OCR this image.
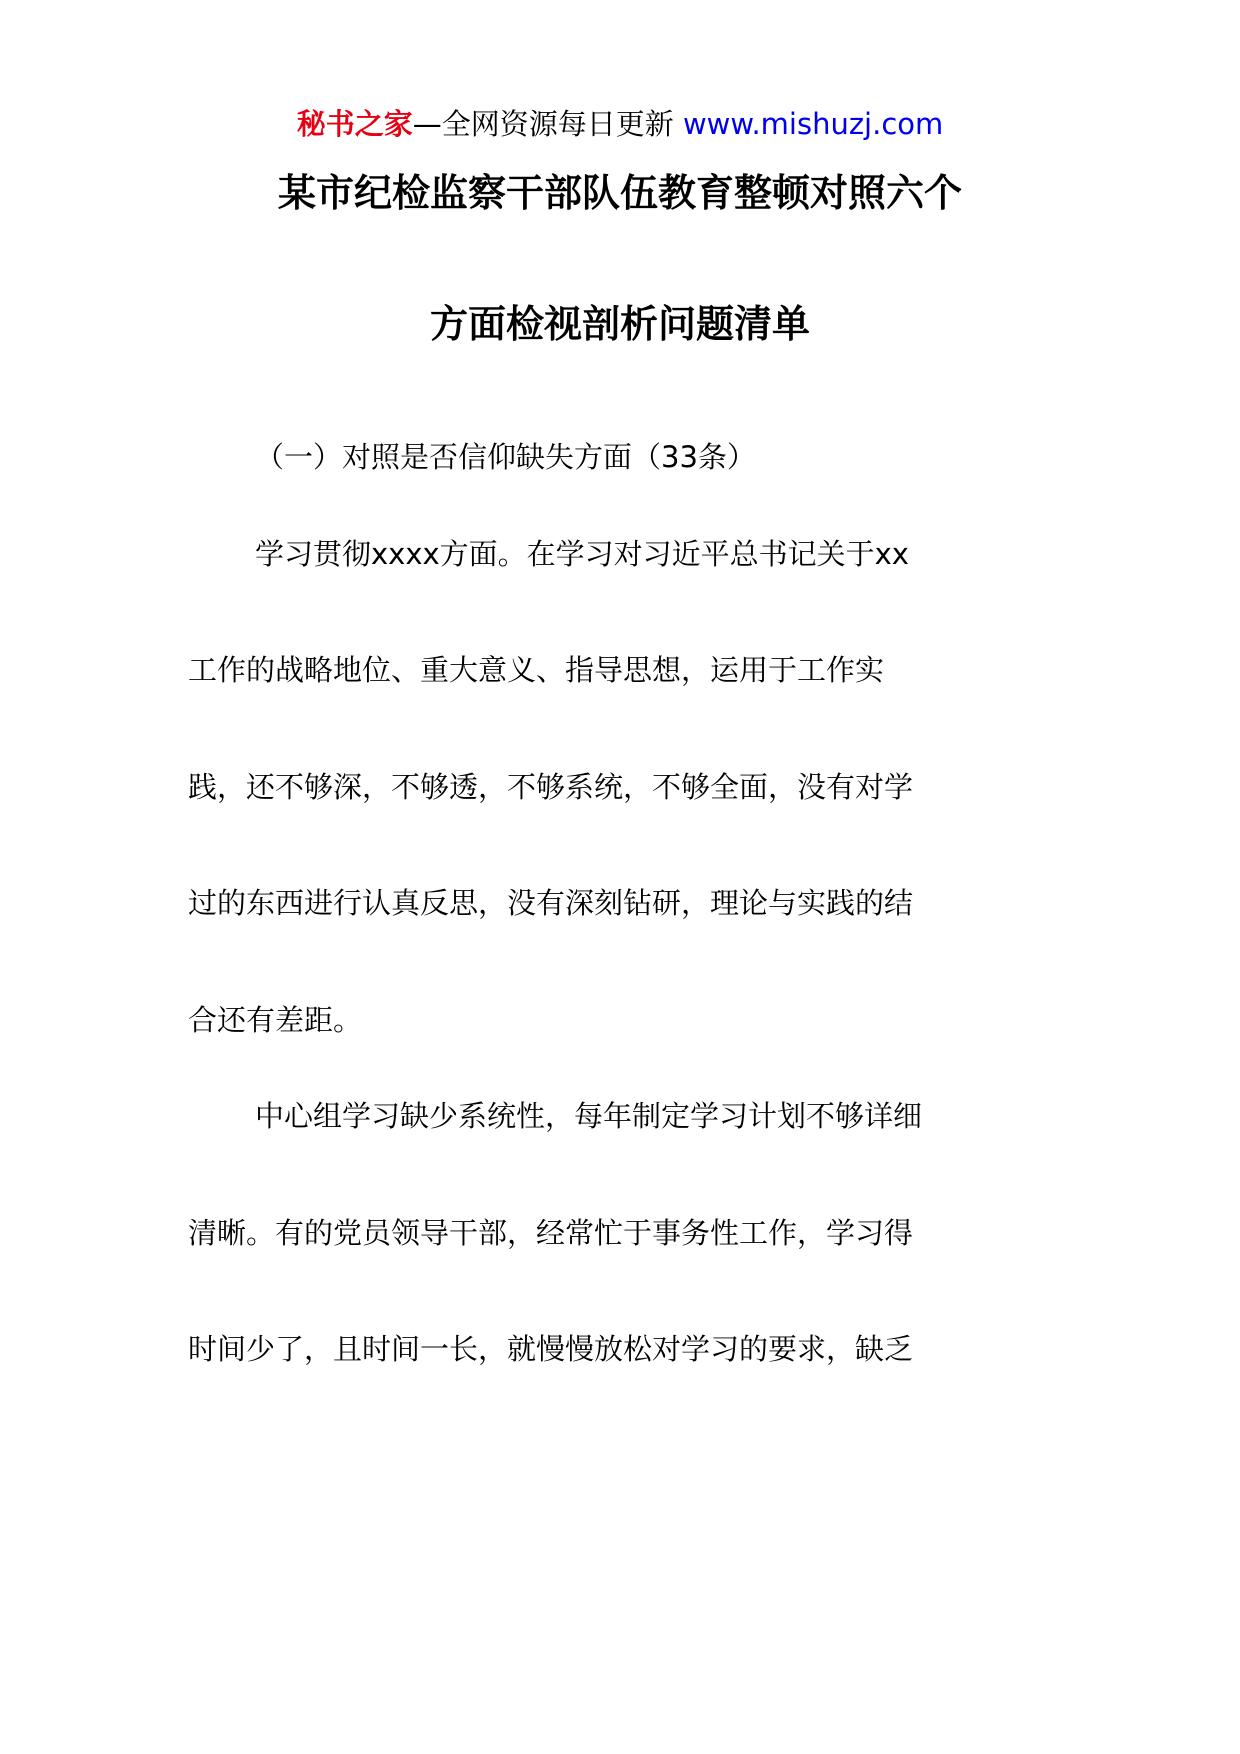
秘书之家—全网资源每日更新 www.mishuzj.com
某市纪检监察干部队伍教育整顿对照六个
方面检视剖析问题清单
（一）对照是否信仰缺失方面（33条）
学习贯彻xxxx方面。在学习对习近平总书记关于xx
工作的战略地位、重大意义、指导思想，运用于工作实
践，还不够深，不够透，不够系统，不够全面，没有对学
过的东西进行认真反思，没有深刻钻研，理论与实践的结
合还有差距。
中心组学习缺少系统性，每年制定学习计划不够详细
清晰。有的党员领导干部，经常忙于事务性工作，学习得
时间少了，且时间一长，就慢慢放松对学习的要求，缺乏
